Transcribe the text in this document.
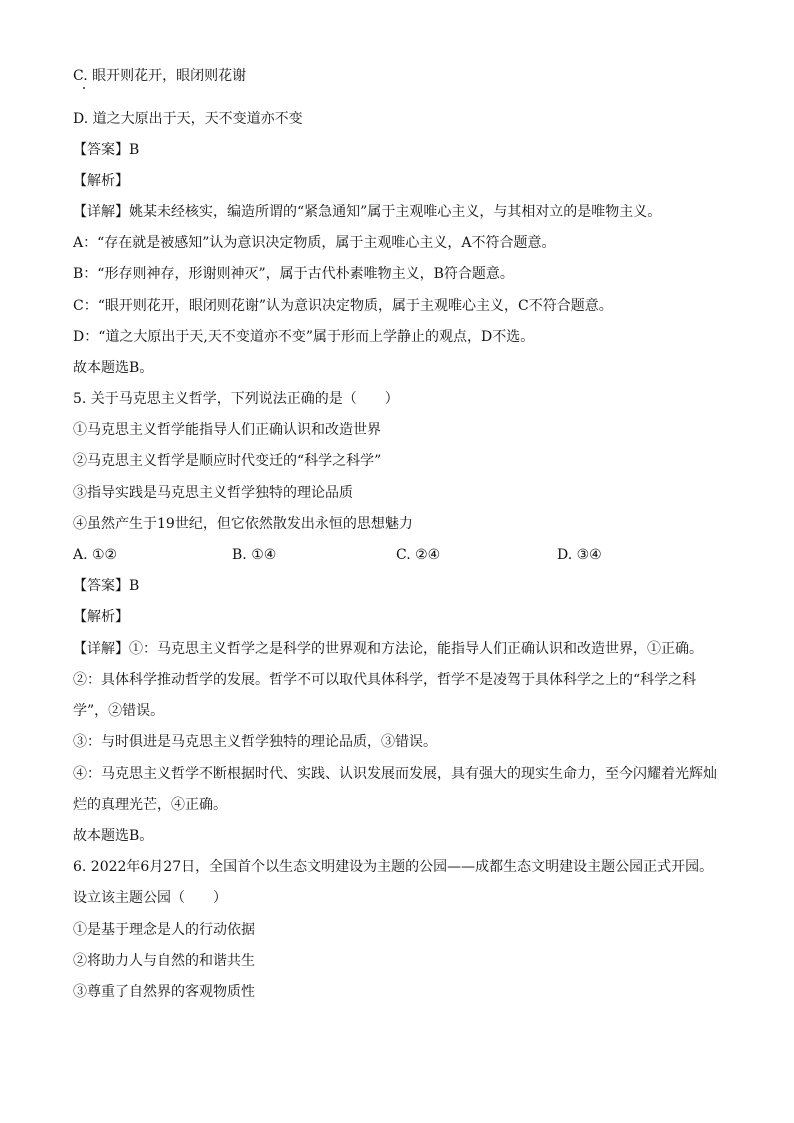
C. 眼开则花开，眼闭则花谢
D. 道之大原出于天，天不变道亦不变
【答案】B
【解析】
【详解】姚某未经核实，编造所谓的“紧急通知”属于主观唯心主义，与其相对立的是唯物主义。
A：“存在就是被感知”认为意识决定物质，属于主观唯心主义，A不符合题意。
B：“形存则神存，形谢则神灭”，属于古代朴素唯物主义，B符合题意。
C：“眼开则花开，眼闭则花谢”认为意识决定物质，属于主观唯心主义，C不符合题意。
D：“道之大原出于天,天不变道亦不变”属于形而上学静止的观点，D不选。
故本题选B。
5. 关于马克思主义哲学，下列说法正确的是（　　）
①马克思主义哲学能指导人们正确认识和改造世界
②马克思主义哲学是顺应时代变迁的“科学之科学”
③指导实践是马克思主义哲学独特的理论品质
④虽然产生于19世纪，但它依然散发出永恒的思想魅力
A. ①②	B. ①④	C. ②④	D. ③④
【答案】B
【解析】
【详解】①：马克思主义哲学之是科学的世界观和方法论，能指导人们正确认识和改造世界，①正确。
②：具体科学推动哲学的发展。哲学不可以取代具体科学，哲学不是凌驾于具体科学之上的“科学之科
学”，②错误。
③：与时俱进是马克思主义哲学独特的理论品质，③错误。
④：马克思主义哲学不断根据时代、实践、认识发展而发展，具有强大的现实生命力，至今闪耀着光辉灿
烂的真理光芒，④正确。
故本题选B。
6. 2022年6月27日，全国首个以生态文明建设为主题的公园——成都生态文明建设主题公园正式开园。
设立该主题公园（　　）
①是基于理念是人的行动依据
②将助力人与自然的和谐共生
③尊重了自然界的客观物质性
